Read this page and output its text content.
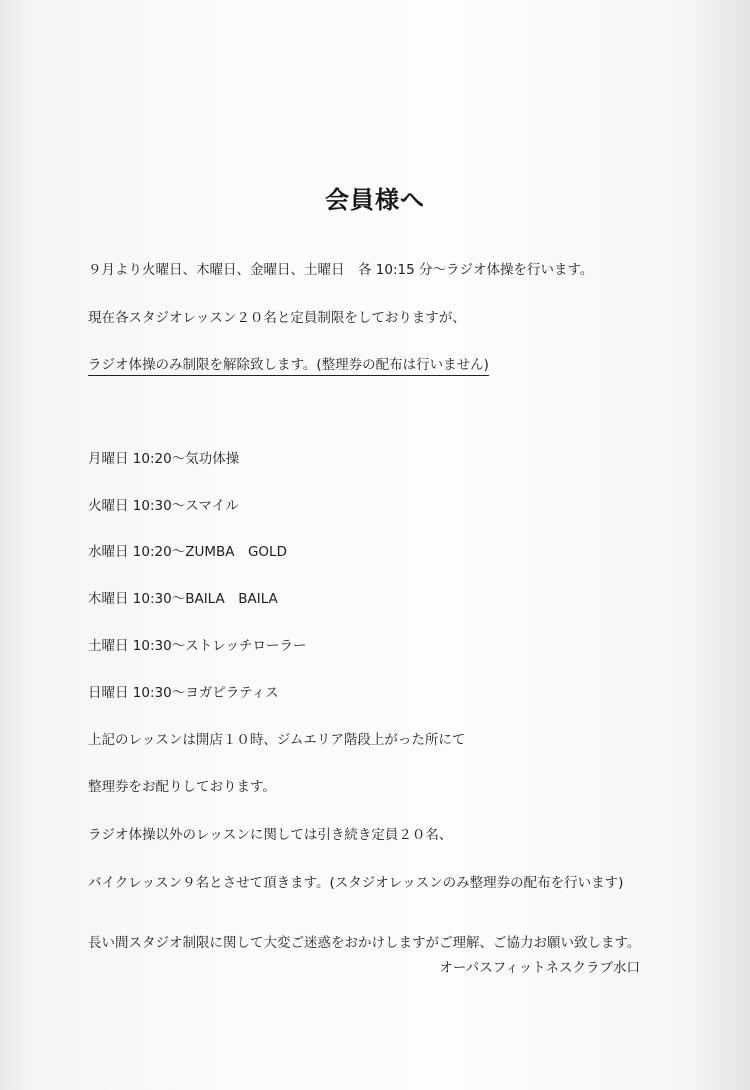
会員様へ
９月より火曜日、木曜日、金曜日、土曜日　各 10:15 分～ラジオ体操を行います。
現在各スタジオレッスン２０名と定員制限をしておりますが、
ラジオ体操のみ制限を解除致します。(整理券の配布は行いません)
月曜日 10:20～気功体操
火曜日 10:30～スマイル
水曜日 10:20～ZUMBA　GOLD
木曜日 10:30～BAILA　BAILA
土曜日 10:30～ストレッチローラー
日曜日 10:30～ヨガピラティス
上記のレッスンは開店１０時、ジムエリア階段上がった所にて
整理券をお配りしております。
ラジオ体操以外のレッスンに関しては引き続き定員２０名、
バイクレッスン９名とさせて頂きます。(スタジオレッスンのみ整理券の配布を行います)
長い間スタジオ制限に関して大変ご迷惑をおかけしますがご理解、ご協力お願い致します。
オーパスフィットネスクラブ水口
